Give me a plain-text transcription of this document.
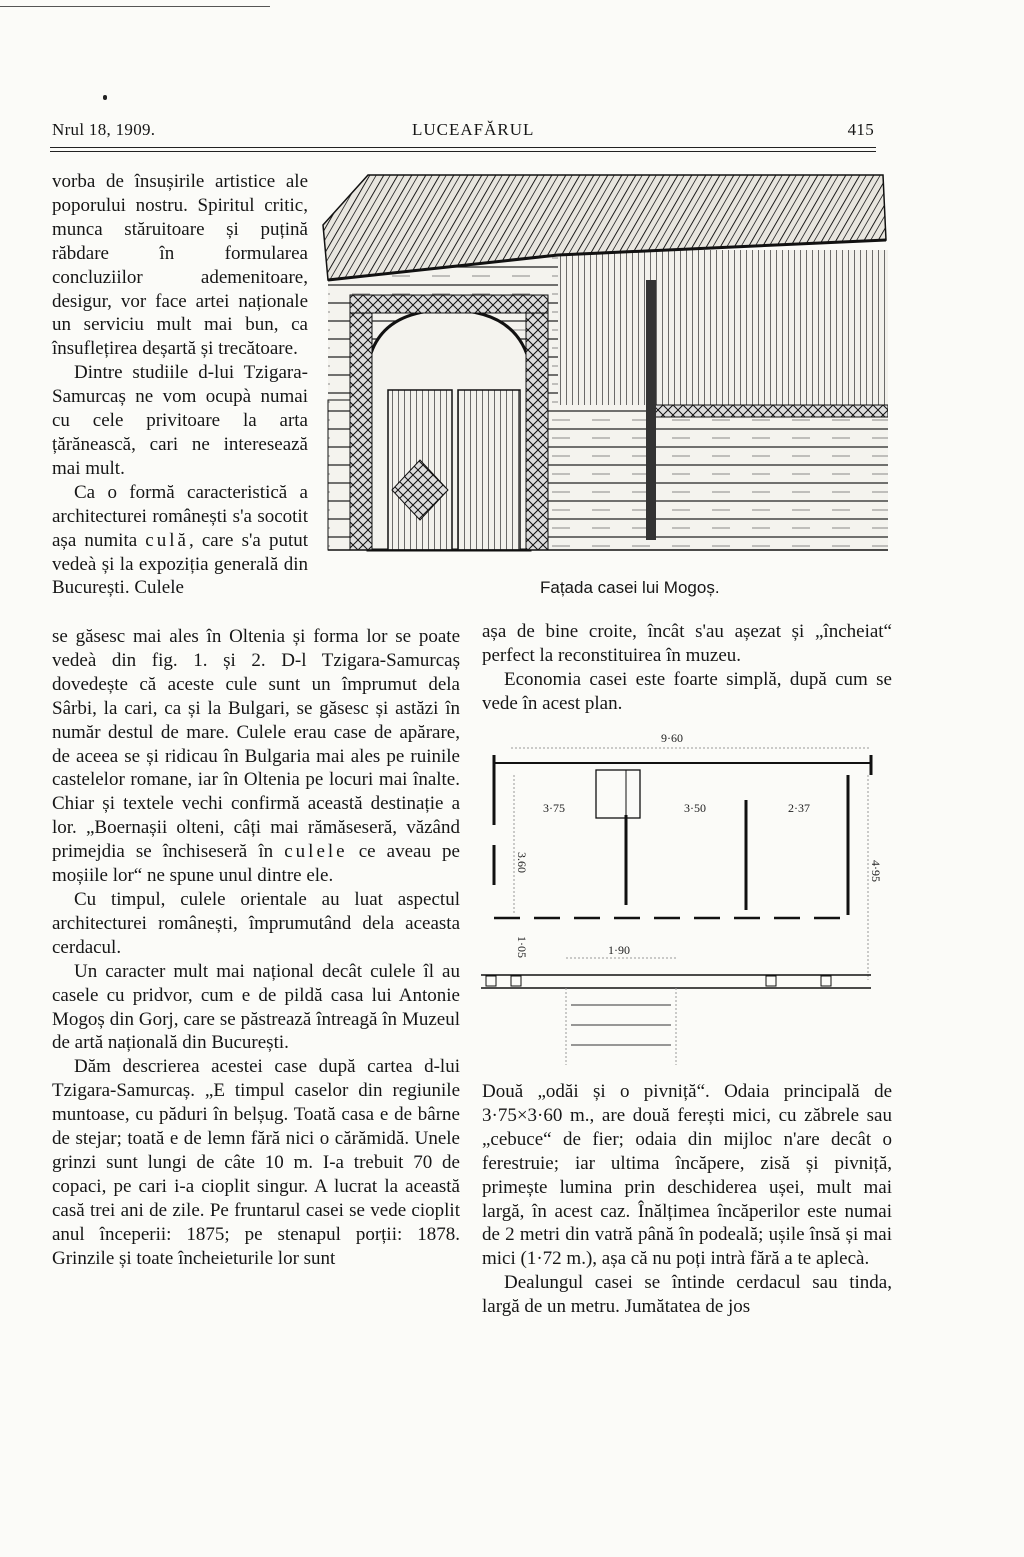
Nrul 18, 1909.	LUCEAFĂRUL	415

vorba de însușirile artistice ale poporului nostru. Spiritul critic, munca stăruitoare și puțină răbdare în formularea concluziilor ademenitoare, desigur, vor face artei naționale un serviciu mult mai bun, ca însuflețirea deșartă și trecătoare.

Dintre studiile d-lui Tzigara-Samurcaș ne vom ocupà numai cu cele privitoare la arta țărănească, cari ne interesează mai mult.

Ca o formă caracteristică a architecturei românești s'a socotit așa numita culă, care s'a putut vedeà și la expoziția generală din București. Culele	Fațada casei lui Mogoș.

se găsesc mai ales în Oltenia și forma lor se poate vedeà din fig. 1. și 2. D-l Tzigara-Samurcaș dovedește că aceste cule sunt un împrumut dela Sârbi, la cari, ca și la Bulgari, se găsesc și astăzi în număr destul de mare. Culele erau case de apărare, de aceea se și ridicau în Bulgaria mai ales pe ruinile castelelor romane, iar în Oltenia pe locuri mai înalte. Chiar și textele vechi confirmă această destinație a lor. „Boernașii olteni, câți mai rămăseseră, văzând primejdia se închiseseră în culele ce aveau pe moșiile lor“ ne spune unul dintre ele.

Cu timpul, culele orientale au luat aspectul architecturei românești, împrumutând dela aceasta cerdacul.

Un caracter mult mai național decât culele îl au casele cu pridvor, cum e de pildă casa lui Antonie Mogoș din Gorj, care se păstrează întreagă în Muzeul de artă națională din București.

Dăm descrierea acestei case după cartea d-lui Tzigara-Samurcaș. „E timpul caselor din regiunile muntoase, cu păduri în belșug. Toată casa e de bârne de stejar; toată e de lemn fără nici o cărămidă. Unele grinzi sunt lungi de câte 10 m. I-a trebuit 70 de copaci, pe cari i-a cioplit singur. A lucrat la această casă trei ani de zile. Pe fruntarul casei se vede cioplit anul începerii: 1875; pe stenapul porții: 1878. Grinzile și toate încheieturile lor sunt

așa de bine croite, încât s'au așezat și „încheiat“ perfect la reconstituirea în muzeu.

Economia casei este foarte simplă, după cum se vede în acest plan.

9·60
3·75	3·50	2·37
3.60	4·95
1·05	1·90

Două „odăi și o pivniță“. Odaia principală de 3·75×3·60 m., are două ferești mici, cu zăbrele sau „cebuce“ de fier; odaia din mijloc n'are decât o ferestruie; iar ultima încăpere, zisă și pivniță, primește lumina prin deschiderea ușei, mult mai largă, în acest caz. Înălțimea încăperilor este numai de 2 metri din vatră până în podeală; ușile însă și mai mici (1·72 m.), așa că nu poți intrà fără a te aplecà.

Dealungul casei se întinde cerdacul sau tinda, largă de un metru. Jumătatea de jos
